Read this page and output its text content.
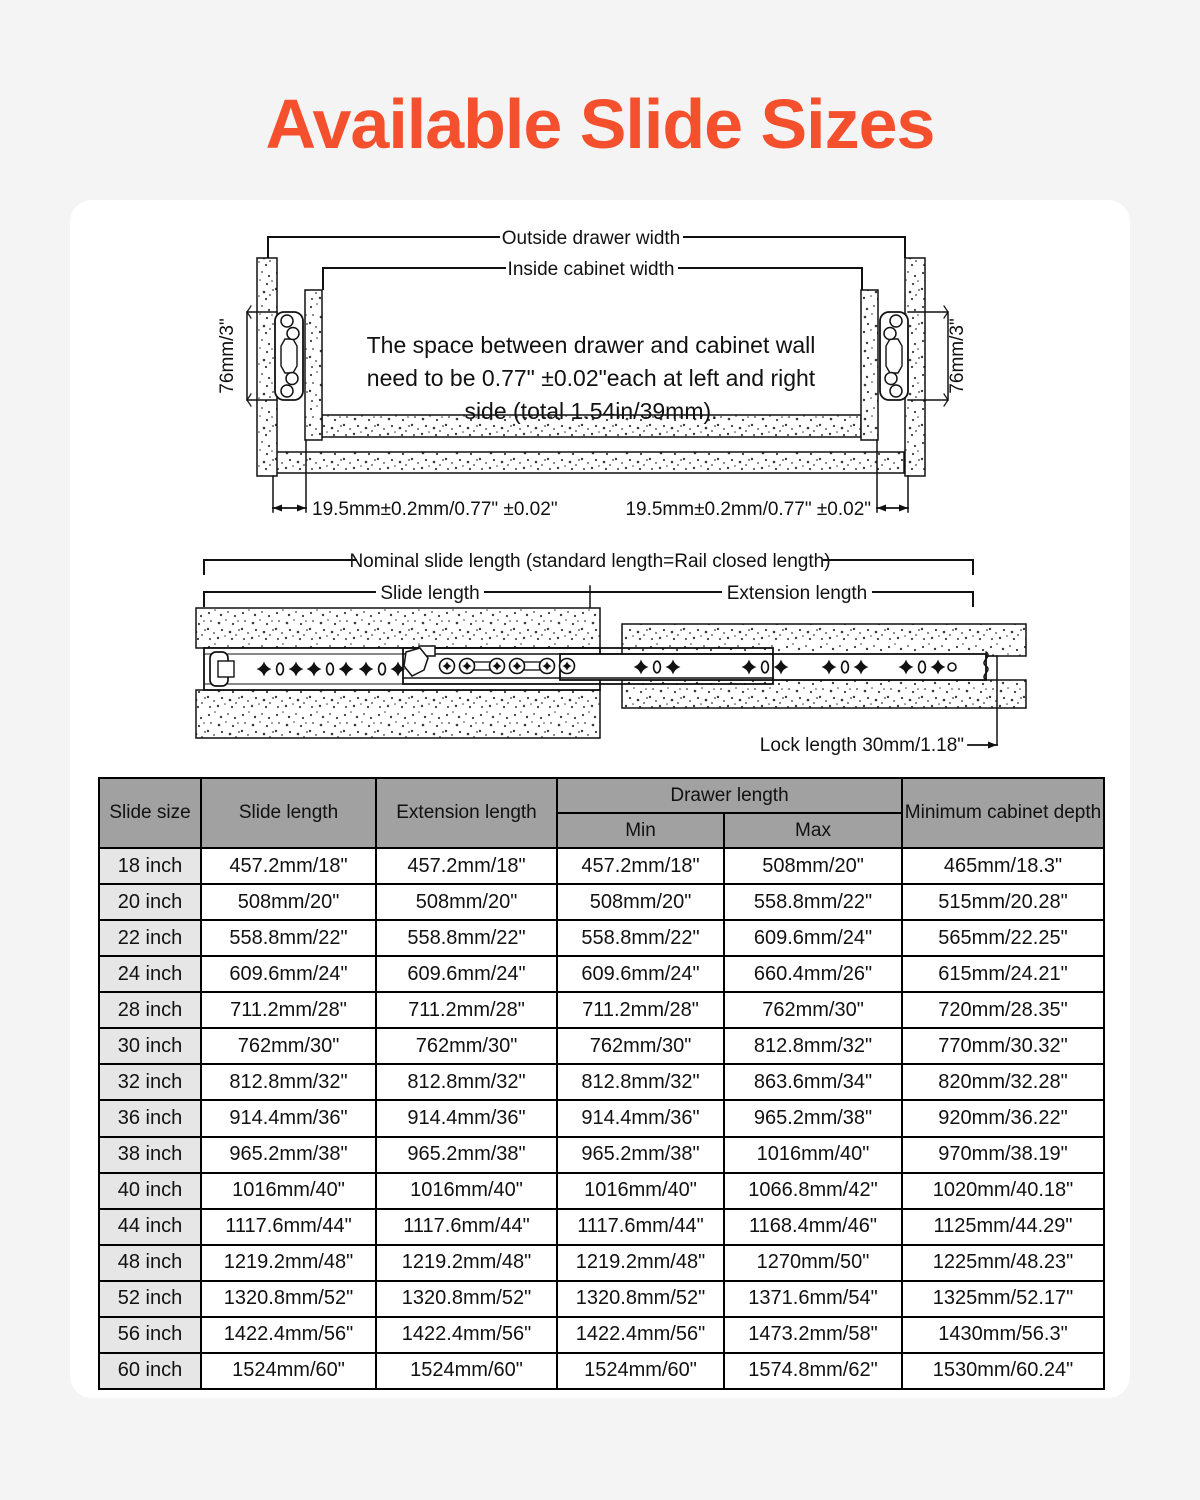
Available Slide Sizes
Outside drawer width
Inside cabinet width
76mm/3"	76mm/3"
The space between drawer and cabinet wall
need to be 0.77" ±0.02"each at left and right
side (total 1.54in/39mm).
19.5mm±0.2mm/0.77" ±0.02"	19.5mm±0.2mm/0.77" ±0.02"
Nominal slide length (standard length=Rail closed length)
Slide length	Extension length
Lock length 30mm/1.18"
Slide size	Slide length	Extension length	Drawer length		Minimum cabinet depth
			Min	Max	
18 inch	457.2mm/18"	457.2mm/18"	457.2mm/18"	508mm/20"	465mm/18.3"
20 inch	508mm/20"	508mm/20"	508mm/20"	558.8mm/22"	515mm/20.28"
22 inch	558.8mm/22"	558.8mm/22"	558.8mm/22"	609.6mm/24"	565mm/22.25"
24 inch	609.6mm/24"	609.6mm/24"	609.6mm/24"	660.4mm/26"	615mm/24.21"
28 inch	711.2mm/28"	711.2mm/28"	711.2mm/28"	762mm/30"	720mm/28.35"
30 inch	762mm/30"	762mm/30"	762mm/30"	812.8mm/32"	770mm/30.32"
32 inch	812.8mm/32"	812.8mm/32"	812.8mm/32"	863.6mm/34"	820mm/32.28"
36 inch	914.4mm/36"	914.4mm/36"	914.4mm/36"	965.2mm/38"	920mm/36.22"
38 inch	965.2mm/38"	965.2mm/38"	965.2mm/38"	1016mm/40"	970mm/38.19"
40 inch	1016mm/40"	1016mm/40"	1016mm/40"	1066.8mm/42"	1020mm/40.18"
44 inch	1117.6mm/44"	1117.6mm/44"	1117.6mm/44"	1168.4mm/46"	1125mm/44.29"
48 inch	1219.2mm/48"	1219.2mm/48"	1219.2mm/48"	1270mm/50"	1225mm/48.23"
52 inch	1320.8mm/52"	1320.8mm/52"	1320.8mm/52"	1371.6mm/54"	1325mm/52.17"
56 inch	1422.4mm/56"	1422.4mm/56"	1422.4mm/56"	1473.2mm/58"	1430mm/56.3"
60 inch	1524mm/60"	1524mm/60"	1524mm/60"	1574.8mm/62"	1530mm/60.24"
